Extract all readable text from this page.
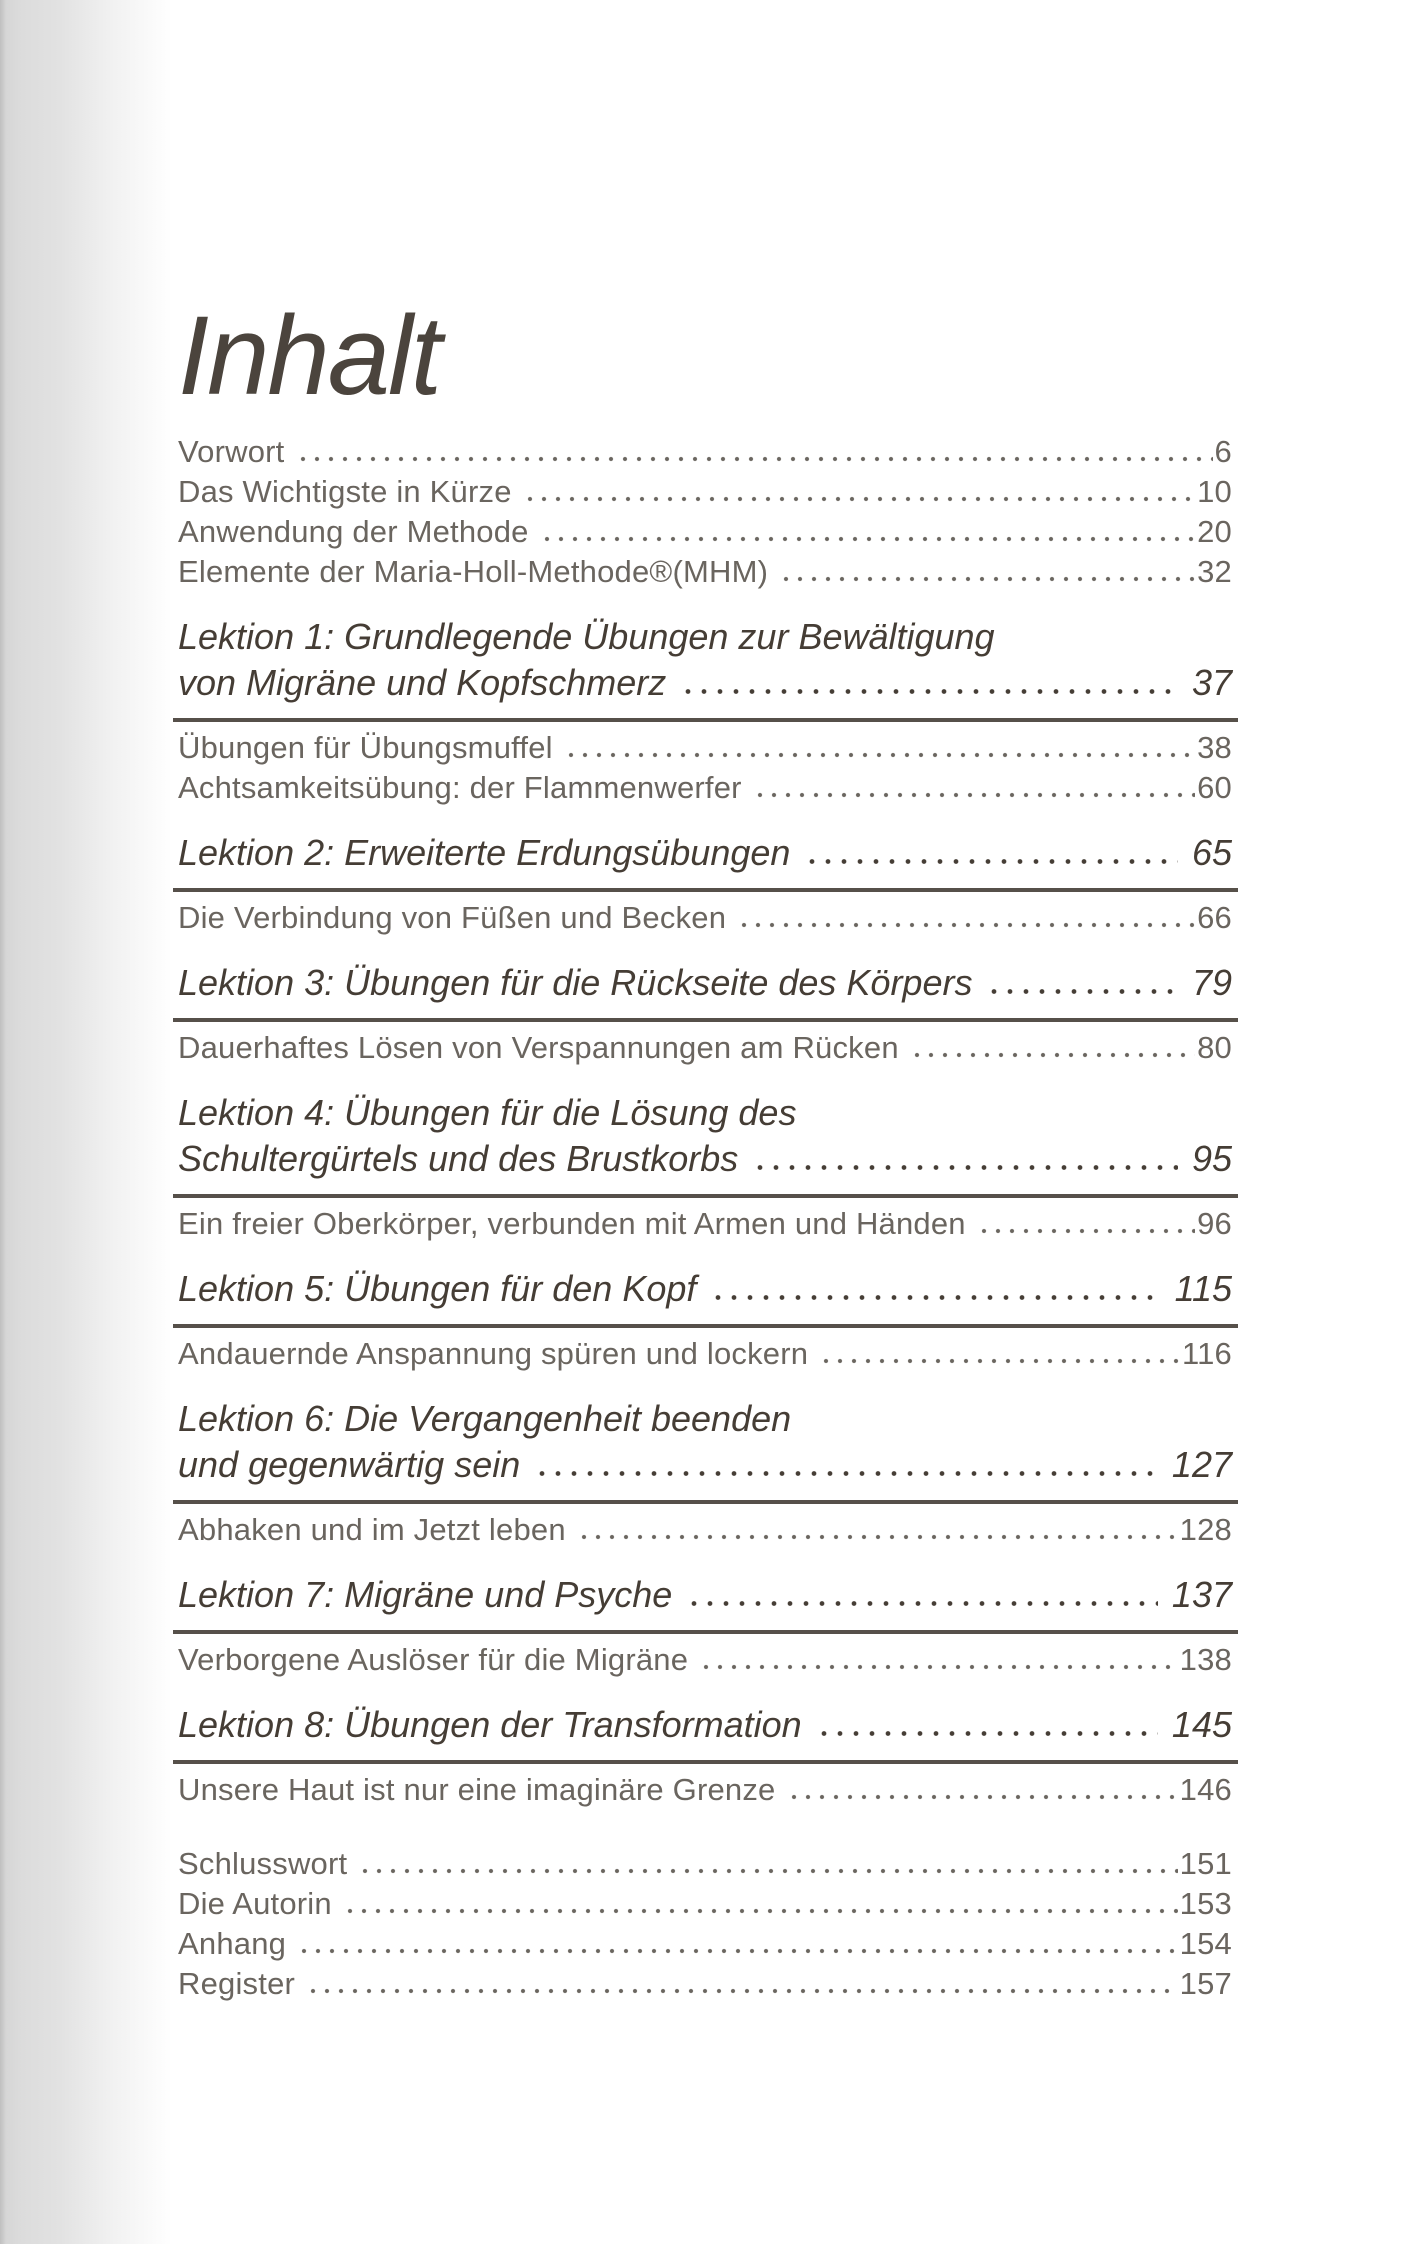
Inhalt
Vorwort	6
Das Wichtigste in Kürze	10
Anwendung der Methode	20
Elemente der Maria-Holl-Methode®(MHM)	32
Lektion 1: Grundlegende Übungen zur Bewältigung
von Migräne und Kopfschmerz	37
Übungen für Übungsmuffel	38
Achtsamkeitsübung: der Flammenwerfer	60
Lektion 2: Erweiterte Erdungsübungen	65
Die Verbindung von Füßen und Becken	66
Lektion 3: Übungen für die Rückseite des Körpers	79
Dauerhaftes Lösen von Verspannungen am Rücken	80
Lektion 4: Übungen für die Lösung des
Schultergürtels und des Brustkorbs	95
Ein freier Oberkörper, verbunden mit Armen und Händen	96
Lektion 5: Übungen für den Kopf	115
Andauernde Anspannung spüren und lockern	116
Lektion 6: Die Vergangenheit beenden
und gegenwärtig sein	127
Abhaken und im Jetzt leben	128
Lektion 7: Migräne und Psyche	137
Verborgene Auslöser für die Migräne	138
Lektion 8: Übungen der Transformation	145
Unsere Haut ist nur eine imaginäre Grenze	146
Schlusswort	151
Die Autorin	153
Anhang	154
Register	157
